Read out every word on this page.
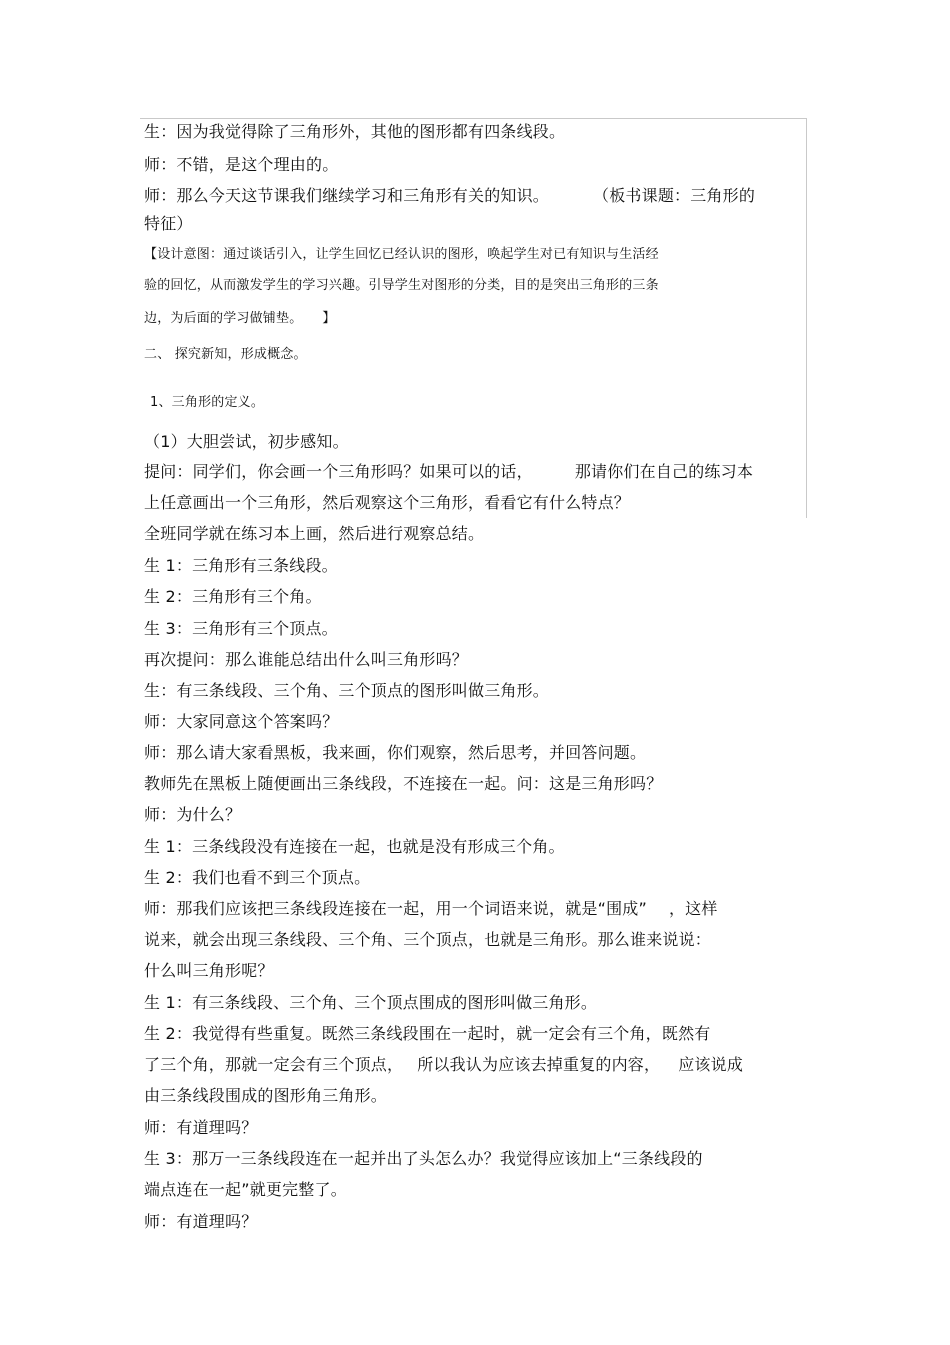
生：因为我觉得除了三角形外，其他的图形都有四条线段。
师：不错，是这个理由的。
师：那么今天这节课我们继续学习和三角形有关的知识。	（板书课题：三角形的
特征）
【设计意图：通过谈话引入，让学生回忆已经认识的图形，唤起学生对已有知识与生活经
验的回忆，从而激发学生的学习兴趣。引导学生对图形的分类，目的是突出三角形的三条
边，为后面的学习做铺垫。 】
二、 探究新知，形成概念。
1、三角形的定义。
（1）大胆尝试，初步感知。
提问：同学们，你会画一个三角形吗？如果可以的话，	那请你们在自己的练习本
上任意画出一个三角形，然后观察这个三角形，看看它有什么特点？
全班同学就在练习本上画，然后进行观察总结。
生 1：三角形有三条线段。
生 2：三角形有三个角。
生 3：三角形有三个顶点。
再次提问：那么谁能总结出什么叫三角形吗？
生：有三条线段、三个角、三个顶点的图形叫做三角形。
师：大家同意这个答案吗？
师：那么请大家看黑板，我来画，你们观察，然后思考，并回答问题。
教师先在黑板上随便画出三条线段，不连接在一起。问：这是三角形吗？
师：为什么？
生 1：三条线段没有连接在一起，也就是没有形成三个角。
生 2：我们也看不到三个顶点。
师：那我们应该把三条线段连接在一起，用一个词语来说，就是“围成” ，这样
说来，就会出现三条线段、三个角、三个顶点，也就是三角形。那么谁来说说：
什么叫三角形呢？
生 1：有三条线段、三个角、三个顶点围成的图形叫做三角形。
生 2：我觉得有些重复。既然三条线段围在一起时，就一定会有三个角，既然有
了三个角，那就一定会有三个顶点， 所以我认为应该去掉重复的内容， 应该说成
由三条线段围成的图形角三角形。
师：有道理吗？
生 3：那万一三条线段连在一起并出了头怎么办？我觉得应该加上“三条线段的
端点连在一起”就更完整了。
师：有道理吗？
